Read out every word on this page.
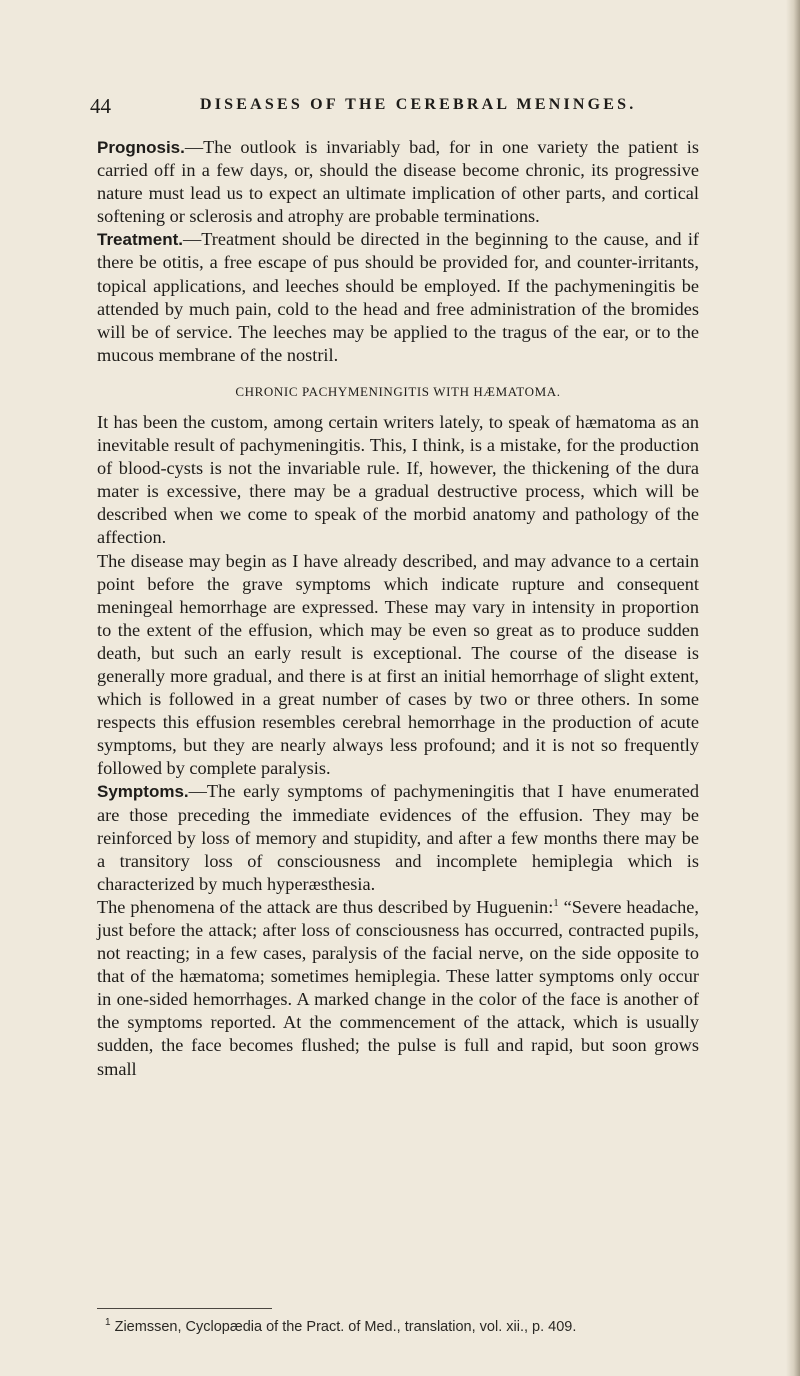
44	DISEASES OF THE CEREBRAL MENINGES.

Prognosis.—The outlook is invariably bad, for in one variety the patient is carried off in a few days, or, should the disease become chronic, its progressive nature must lead us to expect an ultimate implication of other parts, and cortical softening or sclerosis and atrophy are probable terminations.

Treatment.—Treatment should be directed in the beginning to the cause, and if there be otitis, a free escape of pus should be provided for, and counter-irritants, topical applications, and leeches should be employed. If the pachymeningitis be attended by much pain, cold to the head and free administration of the bromides will be of service. The leeches may be applied to the tragus of the ear, or to the mucous membrane of the nostril.

CHRONIC PACHYMENINGITIS WITH HÆMATOMA.

It has been the custom, among certain writers lately, to speak of hæmatoma as an inevitable result of pachymeningitis. This, I think, is a mistake, for the production of blood-cysts is not the invariable rule. If, however, the thickening of the dura mater is excessive, there may be a gradual destructive process, which will be described when we come to speak of the morbid anatomy and pathology of the affection.

The disease may begin as I have already described, and may advance to a certain point before the grave symptoms which indicate rupture and consequent meningeal hemorrhage are expressed. These may vary in intensity in proportion to the extent of the effusion, which may be even so great as to produce sudden death, but such an early result is exceptional. The course of the disease is generally more gradual, and there is at first an initial hemorrhage of slight extent, which is followed in a great number of cases by two or three others. In some respects this effusion resembles cerebral hemorrhage in the production of acute symptoms, but they are nearly always less profound; and it is not so frequently followed by complete paralysis.

Symptoms.—The early symptoms of pachymeningitis that I have enumerated are those preceding the immediate evidences of the effusion. They may be reinforced by loss of memory and stupidity, and after a few months there may be a transitory loss of consciousness and incomplete hemiplegia which is characterized by much hyperæsthesia.

The phenomena of the attack are thus described by Huguenin:$^1$ “Severe headache, just before the attack; after loss of consciousness has occurred, contracted pupils, not reacting; in a few cases, paralysis of the facial nerve, on the side opposite to that of the hæmatoma; sometimes hemiplegia. These latter symptoms only occur in one-sided hemorrhages. A marked change in the color of the face is another of the symptoms reported. At the commencement of the attack, which is usually sudden, the face becomes flushed; the pulse is full and rapid, but soon grows small

$^1$ Ziemssen, Cyclopædia of the Pract. of Med., translation, vol. xii., p. 409.
